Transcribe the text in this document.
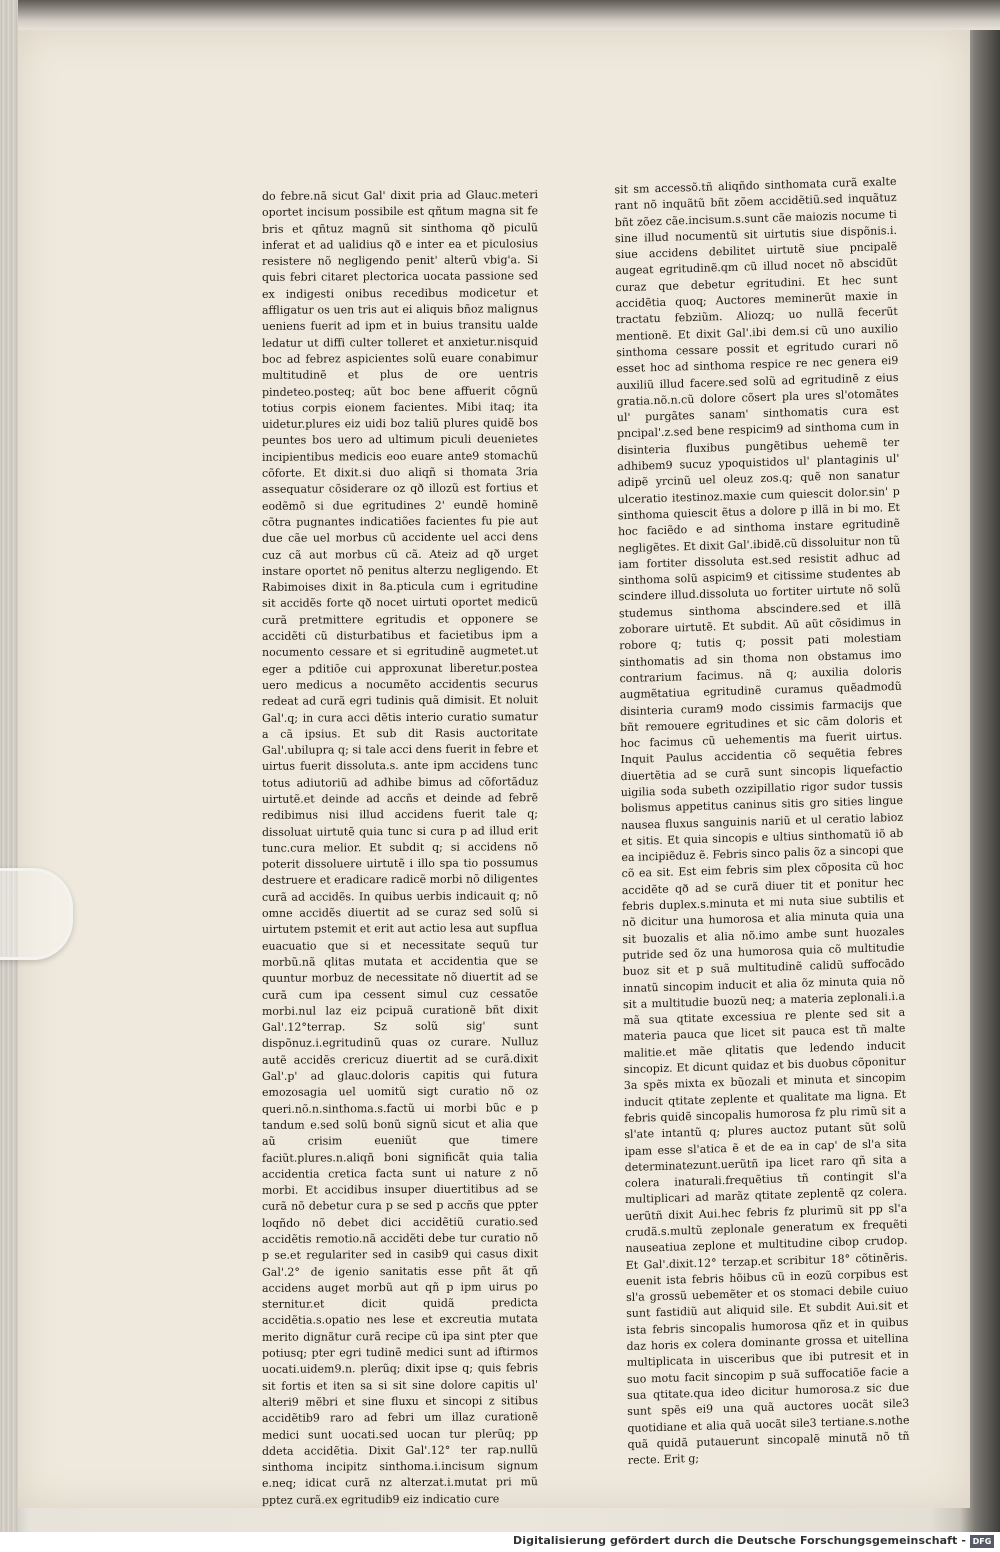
do febre.nã sicut Gal' dixit pria ad Glauc.meteri oportet incisum possibile est qñtum magna sit fe bris et qñtuz magnũ sit sinthoma qð piculũ inferat et ad ualidius qð e inter ea et piculosius resistere nõ negligendo penit' alterũ vbig'a. Si quis febri citaret plectorica uocata passione sed ex indigesti onibus recedibus modicetur et affligatur os uen tris aut ei aliquis bñoz malignus ueniens fuerit ad ipm et in buius transitu ualde ledatur ut diffi culter tolleret et anxietur.nisquid boc ad febrez aspicientes solũ euare conabimur multitudinẽ et plus de ore uentris pindeteo.posteq; aũt boc bene affuerit cõgnũ totius corpis eionem facientes. Mibi itaq; ita uidetur.plures eiz uidi boz taliũ plures quidẽ bos peuntes bos uero ad ultimum piculi deuenietes incipientibus medicis eoo euare ante9 stomachũ cõforte. Et dixit.si duo aliqñ si thomata 3ria assequatur cõsiderare oz qð illozũ est fortius et eodẽmõ si due egritudines 2' eundẽ hominẽ cõtra pugnantes indicatiões facientes fu pie aut due cãe uel morbus cũ accidente uel acci dens cuz cã aut morbus cũ cã. Ateiz ad qð urget instare oportet nõ penitus alterzu negligendo. Et Rabimoises dixit in 8a.pticula cum i egritudine sit accidẽs forte qð nocet uirtuti oportet medicũ curã pretmittere egritudis et opponere se accidẽti cũ disturbatibus et facietibus ipm a nocumento cessare et si egritudinẽ augmetet.ut eger a pditiõe cui approxunat liberetur.postea uero medicus a nocumẽto accidentis securus redeat ad curã egri tudinis quã dimisit. Et noluit Gal'.q; in cura acci dẽtis interio curatio sumatur a cã ipsius. Et sub dit Rasis auctoritate Gal'.ubilupra q; si tale acci dens fuerit in febre et uirtus fuerit dissoluta.s. ante ipm accidens tunc totus adiutoriũ ad adhibe bimus ad cõfortãduz uirtutẽ.et deinde ad accñs et deinde ad febrẽ redibimus nisi illud accidens fuerit tale q; dissoluat uirtutẽ quia tunc si cura p ad illud erit tunc.cura melior. Et subdit q; si accidens nõ poterit dissoluere uirtutẽ i illo spa tio possumus destruere et eradicare radicẽ morbi nõ diligentes curã ad accidẽs. In quibus uerbis indicauit q; nõ omne accidẽs diuertit ad se curaz sed solũ si uirtutem pstemit et erit aut actio lesa aut supflua euacuatio que si et necessitate sequũ tur morbũ.nã qlitas mutata et accidentia que se quuntur morbuz de necessitate nõ diuertit ad se curã cum ipa cessent simul cuz cessatõe morbi.nul laz eiz pcipuã curationẽ bñt dixit Gal'.12°terrap. Sz solũ sig' sunt dispõnuz.i.egritudinũ quas oz curare. Nulluz autẽ accidẽs crericuz diuertit ad se curã.dixit Gal'.p' ad glauc.doloris capitis qui futura emozosagia uel uomitũ sigt curatio nõ oz queri.nõ.n.sinthoma.s.factũ ui morbi bũc e p tandum e.sed solũ bonũ signũ sicut et alia que aũ crisim eueniũt que timere faciũt.plures.n.aliqñ boni significãt quia talia accidentia cretica facta sunt ui nature z nõ morbi. Et accidibus insuper diuertitibus ad se curã nõ debetur cura p se sed p accñs que ppter loqñdo nõ debet dici accidẽtiũ curatio.sed accidẽtis remotio.nã accidẽti debe tur curatio nõ p se.et regulariter sed in casib9 qui casus dixit Gal'.2° de igenio sanitatis esse pñt ãt qñ accidens auget morbũ aut qñ p ipm uirus po sternitur.et dicit quidã predicta accidẽtia.s.opatio nes lese et excreutia mutata merito dignãtur curã recipe cũ ipa sint pter que potiusq; pter egri tudinẽ medici sunt ad iftirmos uocati.uidem9.n. plerũq; dixit ipse q; quis febris sit fortis et iten sa si sit sine dolore capitis ul' alteri9 mẽbri et sine fluxu et sincopi z sitibus accidẽtib9 raro ad febri um illaz curationẽ medici sunt uocati.sed uocan tur plerũq; pp ddeta accidẽtia. Dixit Gal'.12° ter rap.nullũ sinthoma incipitz sinthoma.i.incisum signum e.neq; idicat curã nz alterzat.i.mutat pri mũ pptez curã.ex egritudib9 eiz indicatio cure
sit sm accessõ.tñ aliqñdo sinthomata curã exalte rant nõ inquãtũ bñt zõem accidẽtiũ.sed inquãtuz bñt zõez cãe.incisum.s.sunt cãe maiozis nocume ti sine illud nocumentũ sit uirtutis siue dispõnis.i. siue accidens debilitet uirtutẽ siue pncipalẽ augeat egritudinẽ.qm cũ illud nocet nõ abscidũt curaz que debetur egritudini. Et hec sunt accidẽtia quoq; Auctores meminerũt maxie in tractatu febziũm. Aliozq; uo nullã fecerũt mentionẽ. Et dixit Gal'.ibi dem.si cũ uno auxilio sinthoma cessare possit et egritudo curari nõ esset hoc ad sinthoma respice re nec genera ei9 auxiliũ illud facere.sed solũ ad egritudinẽ z eius gratia.nõ.n.cũ dolore cõsert pla ures sl'otomãtes ul' purgãtes sanam' sinthomatis cura est pncipal'.z.sed bene respicim9 ad sinthoma cum in disinteria fluxibus pungẽtibus uehemẽ ter adhibem9 sucuz ypoquistidos ul' plantaginis ul' adipẽ yrcinũ uel oleuz zos.q; quẽ non sanatur ulceratio itestinoz.maxie cum quiescit dolor.sin' p sinthoma quiescit ẽtus a dolore p illã in bi mo. Et hoc faciẽdo e ad sinthoma instare egritudinẽ negligẽtes. Et dixit Gal'.ibidẽ.cũ dissoluitur non tũ iam fortiter dissoluta est.sed resistit adhuc ad sinthoma solũ aspicim9 et citissime studentes ab scindere illud.dissoluta uo fortiter uirtute nõ solũ studemus sinthoma abscindere.sed et illã zoborare uirtutẽ. Et subdit. Aũ aũt cõsidimus in robore q; tutis q; possit pati molestiam sinthomatis ad sin thoma non obstamus imo contrarium facimus. nã q; auxilia doloris augmẽtatiua egritudinẽ curamus quẽadmodũ disinteria curam9 modo cissimis farmacijs que bñt remouere egritudines et sic cãm doloris et hoc facimus cũ uehementis ma fuerit uirtus. Inquit Paulus accidentia cõ sequẽtia febres diuertẽtia ad se curã sunt sincopis liquefactio uigilia soda subeth ozzipillatio rigor sudor tussis bolismus appetitus caninus sitis gro sities lingue nausea fluxus sanguinis nariũ et ul ceratio labioz et sitis. Et quia sincopis e ultius sinthomatũ iõ ab ea incipiẽduz ẽ. Febris sinco palis õz a sincopi que cõ ea sit. Est eim febris sim plex cõposita cũ hoc accidẽte qð ad se curã diuer tit et ponitur hec febris duplex.s.minuta et mi nuta siue subtilis et nõ dicitur una humorosa et alia minuta quia una sit buozalis et alia nõ.imo ambe sunt huozales putride sed õz una humorosa quia cõ multitudie buoz sit et p suã multitudinẽ calidũ suffocãdo innatũ sincopim inducit et alia õz minuta quia nõ sit a multitudie buozũ neq; a materia zeplonali.i.a mã sua qtitate excessiua re plente sed sit a materia pauca que licet sit pauca est tñ malte malitie.et mãe qlitatis que ledendo inducit sincopiz. Et dicunt quidaz et bis duobus cõponitur 3a spẽs mixta ex bũozali et minuta et sincopim inducit qtitate zeplente et qualitate ma ligna. Et febris quidẽ sincopalis humorosa fz plu rimũ sit a sl'ate intantũ q; plures auctoz putant sũt solũ ipam esse sl'atica ẽ et de ea in cap' de sl'a sita determinatezunt.uerũtñ ipa licet raro qñ sita a colera inaturali.frequẽtius tñ contingit sl'a multiplicari ad marãz qtitate zeplentẽ qz colera. uerũtñ dixit Aui.hec febris fz plurimũ sit pp sl'a crudã.s.multũ zeplonale generatum ex frequẽti nauseatiua zeplone et multitudine cibop crudop. Et Gal'.dixit.12° terzap.et scribitur 18° cõtinẽris. euenit ista febris hõibus cũ in eozũ corpibus est sl'a grossũ uebemẽter et os stomaci debile cuiuo sunt fastidiũ aut aliquid sile. Et subdit Aui.sit et ista febris sincopalis humorosa qñz et in quibus daz horis ex colera dominante grossa et uitellina multiplicata in uisceribus que ibi putresit et in suo motu facit sincopim p suã suffocatiõe facie a sua qtitate.qua ideo dicitur humorosa.z sic due sunt spẽs ei9 una quã auctores uocãt sile3 quotidiane et alia quã uocãt sile3 tertiane.s.nothe quã quidã putauerunt sincopalẽ minutã nõ tñ recte. Erit g;
Digitalisierung gefördert durch die Deutsche Forschungsgemeinschaft - DFG
